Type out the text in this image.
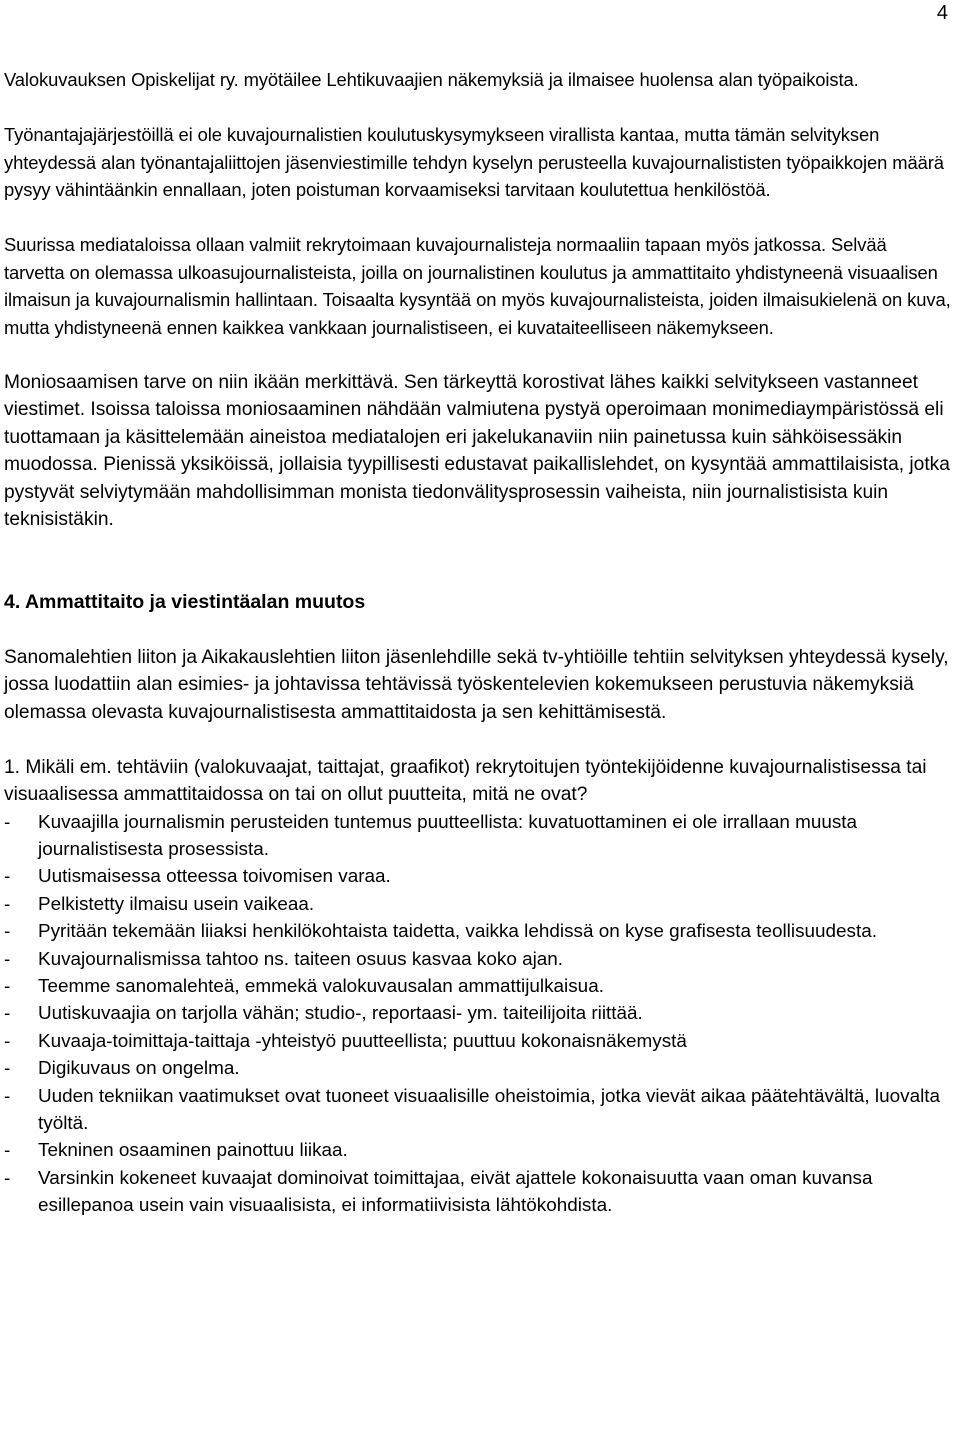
4

Valokuvauksen Opiskelijat ry. myötäilee Lehtikuvaajien näkemyksiä ja ilmaisee huolensa alan työpaikoista.

Työnantajajärjestöillä ei ole kuvajournalistien koulutuskysymykseen virallista kantaa, mutta tämän selvityksen yhteydessä alan työnantajaliittojen jäsenviestimille tehdyn kyselyn perusteella kuvajournalististen työpaikkojen määrä pysyy vähintäänkin ennallaan, joten poistuman korvaamiseksi tarvitaan koulutettua henkilöstöä.

Suurissa mediataloissa ollaan valmiit rekrytoimaan kuvajournalisteja normaaliin tapaan myös jatkossa. Selvää tarvetta on olemassa ulkoasujournalisteista, joilla on journalistinen koulutus ja ammattitaito yhdistyneenä visuaalisen ilmaisun ja kuvajournalismin hallintaan. Toisaalta kysyntää on myös kuvajournalisteista, joiden ilmaisukielenä on kuva, mutta yhdistyneenä ennen kaikkea vankkaan journalistiseen, ei kuvataiteelliseen näkemykseen.

Moniosaamisen tarve on niin ikään merkittävä. Sen tärkeyttä korostivat lähes kaikki selvitykseen vastanneet viestimet. Isoissa taloissa moniosaaminen nähdään valmiutena pystyä operoimaan monimediaympäristössä eli tuottamaan ja käsittelemään aineistoa mediatalojen eri jakelukanaviin niin painetussa kuin sähköisessäkin muodossa. Pienissä yksiköissä, jollaisia tyypillisesti edustavat paikallislehdet, on kysyntää ammattilaisista, jotka pystyvät selviytymään mahdollisimman monista tiedonvälitysprosessin vaiheista, niin journalistisista kuin teknisistäkin.

4. Ammattitaito ja viestintäalan muutos

Sanomalehtien liiton ja Aikakauslehtien liiton jäsenlehdille sekä tv-yhtiöille tehtiin selvityksen yhteydessä kysely, jossa luodattiin alan esimies- ja johtavissa tehtävissä työskentelevien kokemukseen perustuvia näkemyksiä olemassa olevasta kuvajournalistisesta ammattitaidosta ja sen kehittämisestä.

1. Mikäli em. tehtäviin (valokuvaajat, taittajat, graafikot) rekrytoitujen työntekijöidenne kuvajournalistisessa tai visuaalisessa ammattitaidossa on tai on ollut puutteita, mitä ne ovat?

- Kuvaajilla journalismin perusteiden tuntemus puutteellista: kuvatuottaminen ei ole irrallaan muusta journalistisesta prosessista.
- Uutismaisessa otteessa toivomisen varaa.
- Pelkistetty ilmaisu usein vaikeaa.
- Pyritään tekemään liiaksi henkilökohtaista taidetta, vaikka lehdissä on kyse grafisesta teollisuudesta.
- Kuvajournalismissa tahtoo ns. taiteen osuus kasvaa koko ajan.
- Teemme sanomalehteä, emmekä valokuvausalan ammattijulkaisua.
- Uutiskuvaajia on tarjolla vähän; studio-, reportaasi- ym. taiteilijoita riittää.
- Kuvaaja-toimittaja-taittaja -yhteistyö puutteellista; puuttuu kokonaisnäkemystä
- Digikuvaus on ongelma.
- Uuden tekniikan vaatimukset ovat tuoneet visuaalisille oheistoimia, jotka vievät aikaa päätehtävältä, luovalta työltä.
- Tekninen osaaminen painottuu liikaa.
- Varsinkin kokeneet kuvaajat dominoivat toimittajaa, eivät ajattele kokonaisuutta vaan oman kuvansa esillepanoa usein vain visuaalisista, ei informatiivisista lähtökohdista.
